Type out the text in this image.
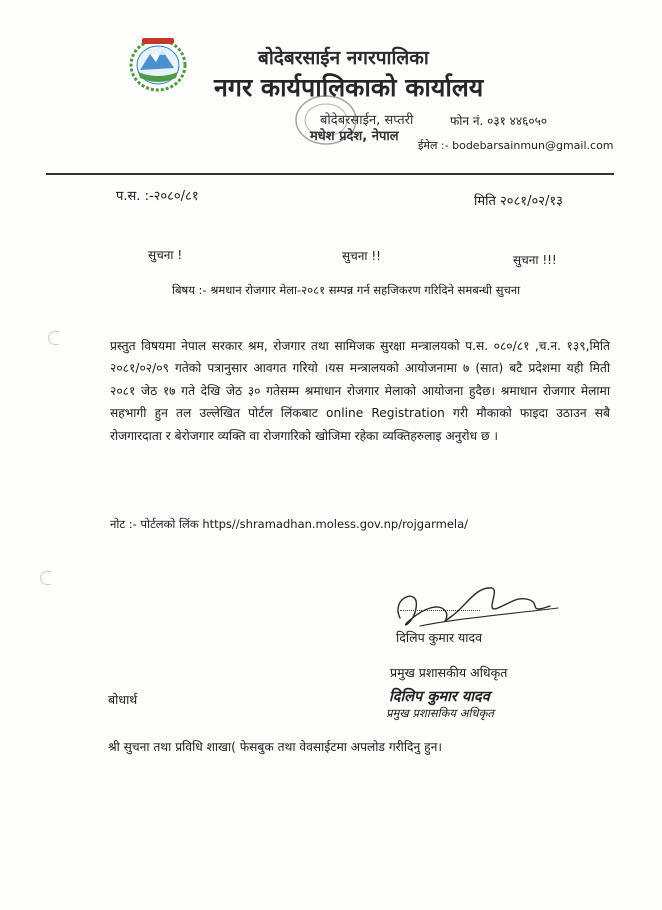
बोदेबरसाईन नगरपालिका
नगर कार्यपालिकाको कार्यालय
बोदेबरसाईन, सप्तरी
मधेश प्रदेश, नेपाल
फोन नं. ०३१ ४४६०५०
ईमेल :- bodebarsainmun@gmail.com
प.स. :-२०८०/८१	मिति २०८१/०२/१३
सुचना !	सुचना !!	सुचना !!!
बिषय :- श्रमधान रोजगार मेला-२०८१ सम्पन्न गर्न सहजिकरण गरिदिने समबन्धी सुचना
प्रस्तुत विषयमा नेपाल सरकार श्रम, रोजगार तथा सामिजक सुरक्षा मन्त्रालयको प.स. ०८०/८१ ,च.न. १३९,मिति २०८१/०२/०९ गतेको पत्रानुसार आवगत गरियो ।यस मन्त्रालयको आयोजनामा ७ (सात) बटै प्रदेशमा यही मिती २०८१ जेठ १७ गते देखि जेठ ३० गतेसम्म श्रमाधान रोजगार मेलाको आयोजना हुदैछ। श्रमाधान रोजगार मेलामा सहभागी हुन तल उल्लेखित पोर्टल लिंकबाट online Registration गरी मौकाको फाइदा उठाउन सबै रोजगारदाता र बेरोजगार व्यक्ति वा रोजगारिको खोजिमा रहेका व्यक्तिहरुलाइ अनुरोध छ ।
नोट :- पोर्टलको लिंक https//shramadhan.moless.gov.np/rojgarmela/
दिलिप कुमार यादव
प्रमुख प्रशासकीय अधिकृत
दिलिप कुमार यादव
प्रमुख प्रशासकिय अधिकृत
बोधार्थ
श्री सुचना तथा प्रविधि शाखा( फेसबुक तथा वेवसाईटमा अपलोड गरीदिनु हुन।
